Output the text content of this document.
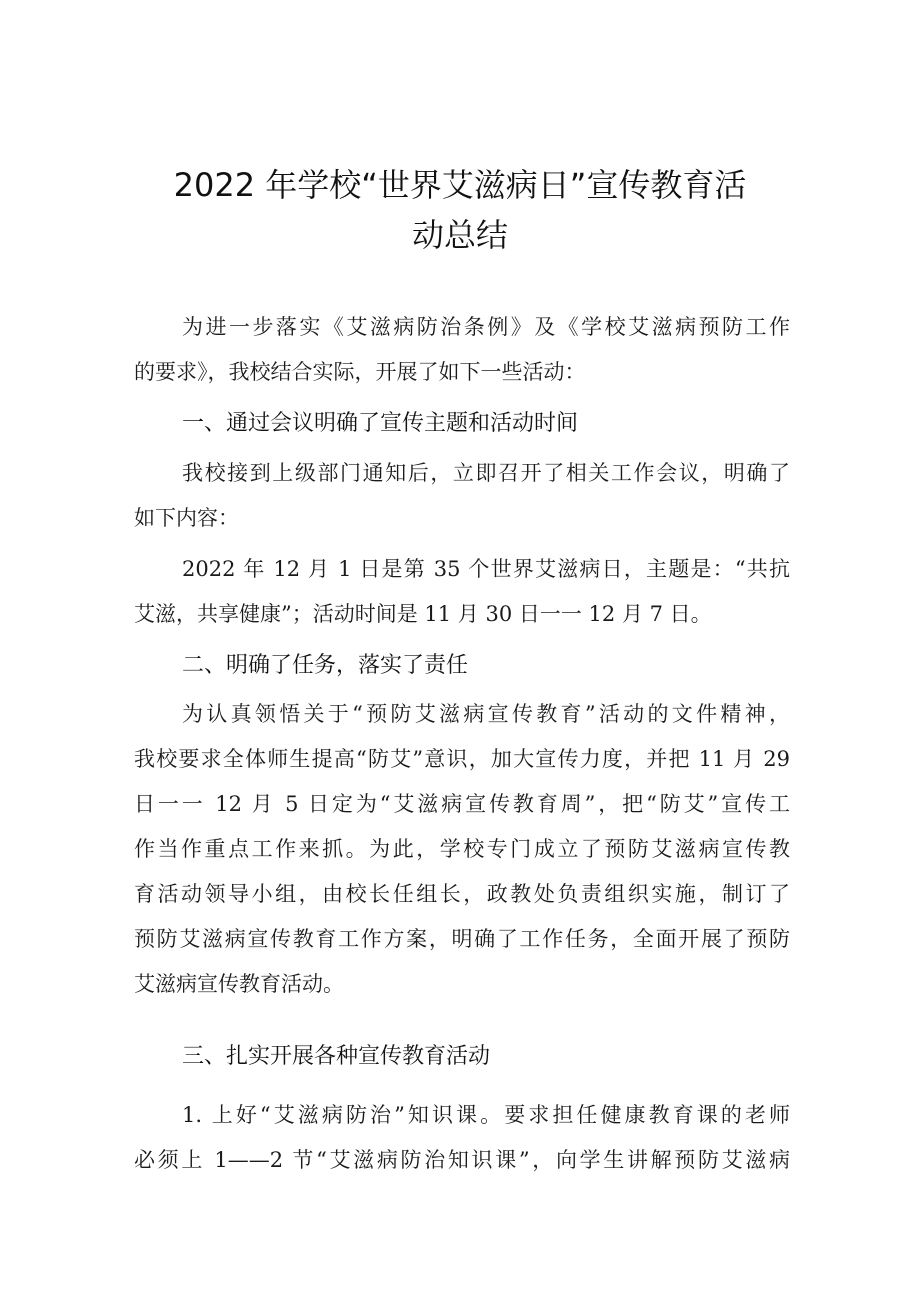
2022 年学校“世界艾滋病日”宣传教育活
动总结
为进一步落实《艾滋病防治条例》及《学校艾滋病预防工作
的要求》，我校结合实际，开展了如下一些活动：
一、通过会议明确了宣传主题和活动时间
我校接到上级部门通知后，立即召开了相关工作会议，明确了
如下内容：
2022 年 12 月 1 日是第 35 个世界艾滋病日，主题是：“共抗
艾滋，共享健康”；活动时间是 11 月 30 日一一 12 月 7 日。
二、明确了任务，落实了责任
为认真领悟关于“预防艾滋病宣传教育”活动的文件精神，
我校要求全体师生提高“防艾”意识，加大宣传力度，并把 11 月 29
日一一 12 月 5 日定为“艾滋病宣传教育周”，把“防艾”宣传工
作当作重点工作来抓。为此，学校专门成立了预防艾滋病宣传教
育活动领导小组，由校长任组长，政教处负责组织实施，制订了
预防艾滋病宣传教育工作方案，明确了工作任务，全面开展了预防
艾滋病宣传教育活动。
三、扎实开展各种宣传教育活动
1. 上好“艾滋病防治”知识课。要求担任健康教育课的老师
必须上 1——2 节“艾滋病防治知识课”，向学生讲解预防艾滋病
